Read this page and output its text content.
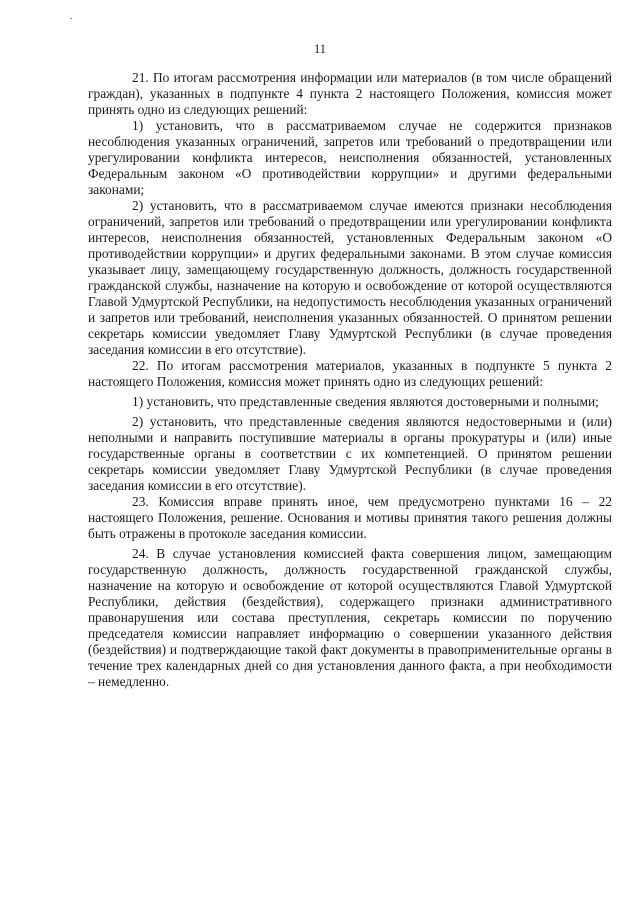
11

21. По итогам рассмотрения информации или материалов (в том числе обращений граждан), указанных в подпункте 4 пункта 2 настоящего Положения, комиссия может принять одно из следующих решений:

1) установить, что в рассматриваемом случае не содержится признаков несоблюдения указанных ограничений, запретов или требований о предотвращении или урегулировании конфликта интересов, неисполнения обязанностей, установленных Федеральным законом «О противодействии коррупции» и другими федеральными законами;

2) установить, что в рассматриваемом случае имеются признаки несоблюдения ограничений, запретов или требований о предотвращении или урегулировании конфликта интересов, неисполнения обязанностей, установленных Федеральным законом «О противодействии коррупции» и других федеральными законами. В этом случае комиссия указывает лицу, замещающему государственную должность, должность государственной гражданской службы, назначение на которую и освобождение от которой осуществляются Главой Удмуртской Республики, на недопустимость несоблюдения указанных ограничений и запретов или требований, неисполнения указанных обязанностей. О принятом решении секретарь комиссии уведомляет Главу Удмуртской Республики (в случае проведения заседания комиссии в его отсутствие).

22. По итогам рассмотрения материалов, указанных в подпункте 5 пункта 2 настоящего Положения, комиссия может принять одно из следующих решений:

1) установить, что представленные сведения являются достоверными и полными;

2) установить, что представленные сведения являются недостоверными и (или) неполными и направить поступившие материалы в органы прокуратуры и (или) иные государственные органы в соответствии с их компетенцией. О принятом решении секретарь комиссии уведомляет Главу Удмуртской Республики (в случае проведения заседания комиссии в его отсутствие).

23. Комиссия вправе принять иное, чем предусмотрено пунктами 16 – 22 настоящего Положения, решение. Основания и мотивы принятия такого решения должны быть отражены в протоколе заседания комиссии.

24. В случае установления комиссией факта совершения лицом, замещающим государственную должность, должность государственной гражданской службы, назначение на которую и освобождение от которой осуществляются Главой Удмуртской Республики, действия (бездействия), содержащего признаки административного правонарушения или состава преступления, секретарь комиссии по поручению председателя комиссии направляет информацию о совершении указанного действия (бездействия) и подтверждающие такой факт документы в правоприменительные органы в течение трех календарных дней со дня установления данного факта, а при необходимости – немедленно.
